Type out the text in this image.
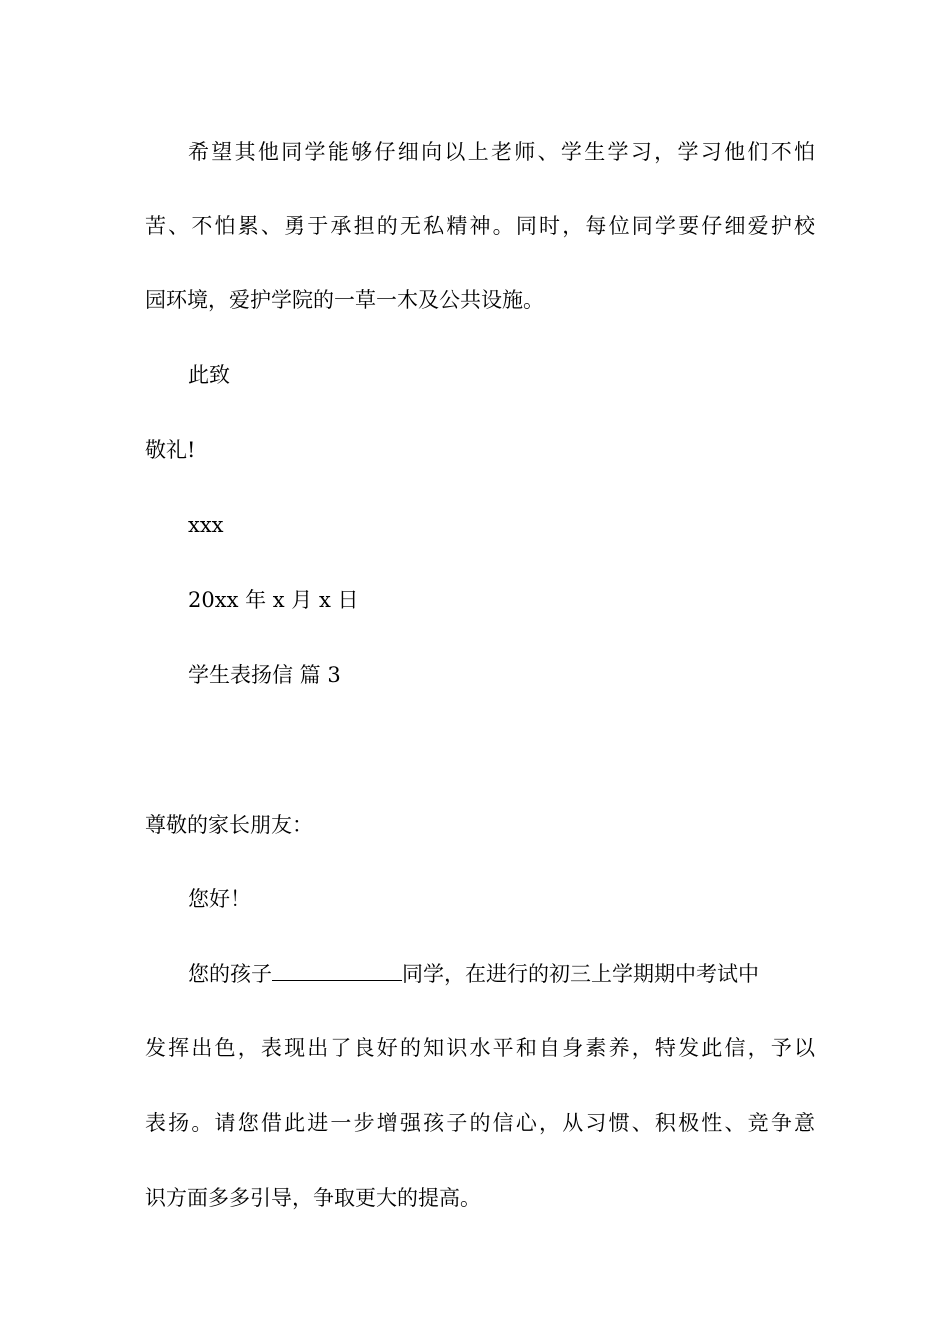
希望其他同学能够仔细向以上老师、学生学习，学习他们不怕
苦、不怕累、勇于承担的无私精神。同时，每位同学要仔细爱护校
园环境，爱护学院的一草一木及公共设施。
此致
敬礼!
xxx
20xx 年 x 月 x 日
学生表扬信 篇 3
尊敬的家长朋友：
您好！
您的孩子	同学，在进行的初三上学期期中考试中
发挥出色，表现出了良好的知识水平和自身素养，特发此信，予以
表扬。请您借此进一步增强孩子的信心，从习惯、积极性、竞争意
识方面多多引导，争取更大的提高。
